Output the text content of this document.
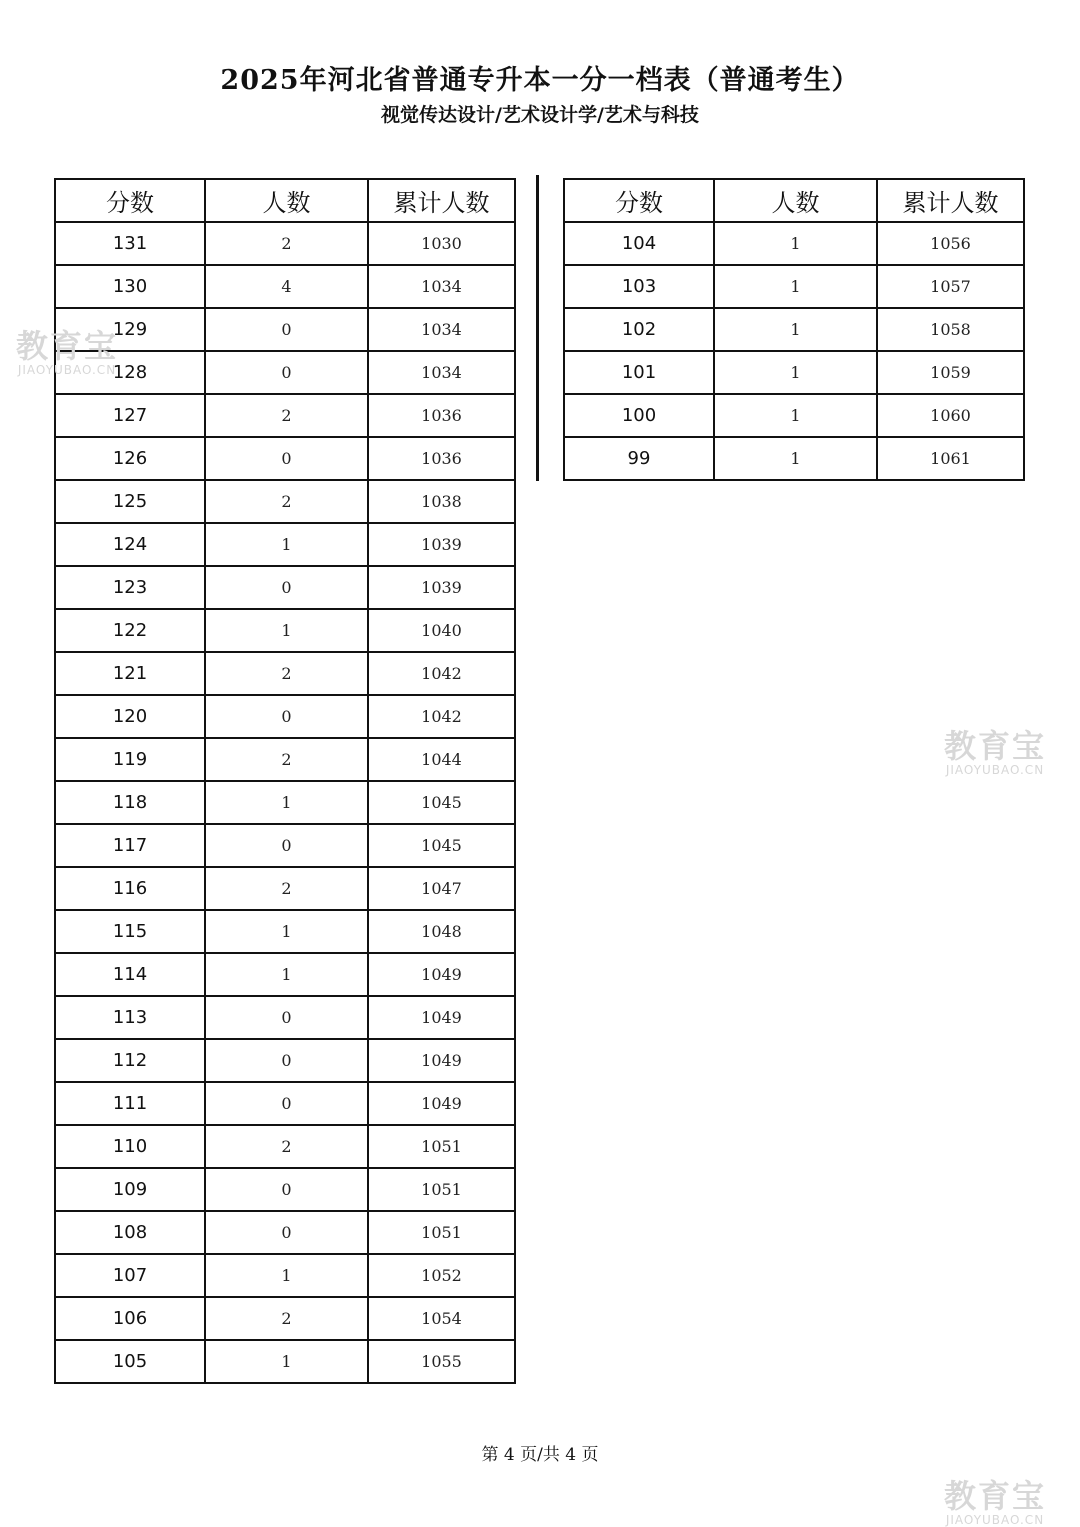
2025年河北省普通专升本一分一档表（普通考生）
视觉传达设计/艺术设计学/艺术与科技
分数	人数	累计人数
131	2	1030
130	4	1034
129	0	1034
128	0	1034
127	2	1036
126	0	1036
125	2	1038
124	1	1039
123	0	1039
122	1	1040
121	2	1042
120	0	1042
119	2	1044
118	1	1045
117	0	1045
116	2	1047
115	1	1048
114	1	1049
113	0	1049
112	0	1049
111	0	1049
110	2	1051
109	0	1051
108	0	1051
107	1	1052
106	2	1054
105	1	1055
分数	人数	累计人数
104	1	1056
103	1	1057
102	1	1058
101	1	1059
100	1	1060
99	1	1061
第 4 页/共 4 页
教育宝
JIAOYUBAO.CN
教育宝
JIAOYUBAO.CN
教育宝
JIAOYUBAO.CN
